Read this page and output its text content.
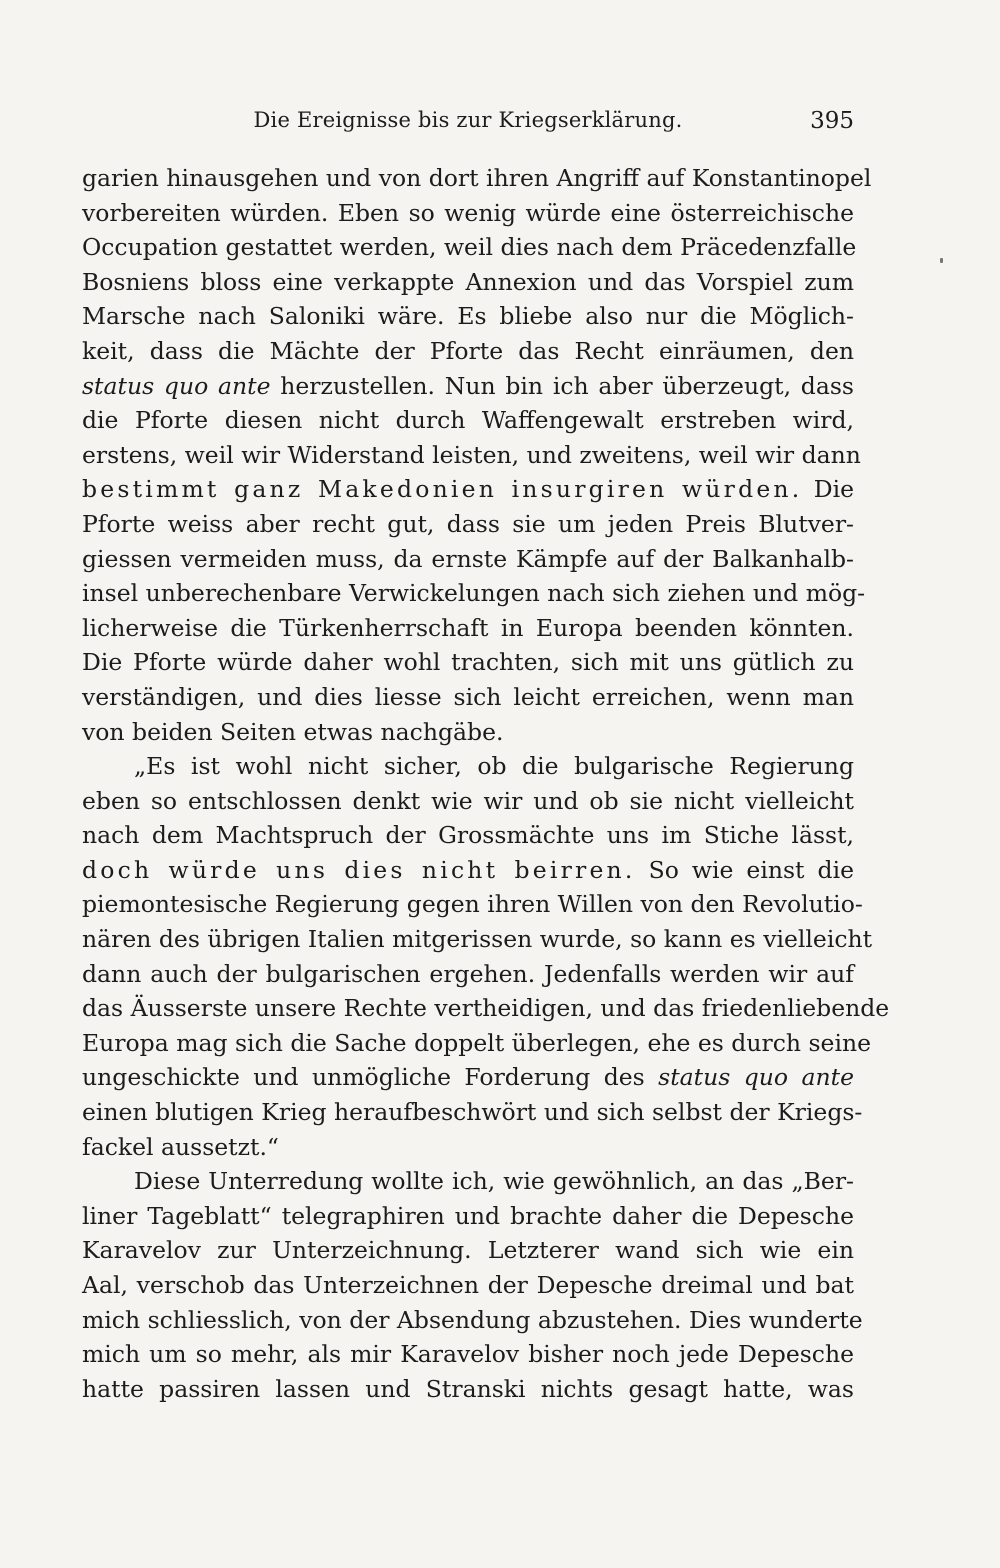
Die Ereignisse bis zur Kriegserklärung.	395
garien hinausgehen und von dort ihren Angriff auf Konstantinopel
vorbereiten würden. Eben so wenig würde eine österreichische
Occupation gestattet werden, weil dies nach dem Präcedenzfalle
Bosniens bloss eine verkappte Annexion und das Vorspiel zum
Marsche nach Saloniki wäre. Es bliebe also nur die Möglich-
keit, dass die Mächte der Pforte das Recht einräumen, den
status quo ante herzustellen. Nun bin ich aber überzeugt, dass
die Pforte diesen nicht durch Waffengewalt erstreben wird,
erstens, weil wir Widerstand leisten, und zweitens, weil wir dann
bestimmt ganz Makedonien insurgiren würden. Die
Pforte weiss aber recht gut, dass sie um jeden Preis Blutver-
giessen vermeiden muss, da ernste Kämpfe auf der Balkanhalb-
insel unberechenbare Verwickelungen nach sich ziehen und mög-
licherweise die Türkenherrschaft in Europa beenden könnten.
Die Pforte würde daher wohl trachten, sich mit uns gütlich zu
verständigen, und dies liesse sich leicht erreichen, wenn man
von beiden Seiten etwas nachgäbe.
„Es ist wohl nicht sicher, ob die bulgarische Regierung
eben so entschlossen denkt wie wir und ob sie nicht vielleicht
nach dem Machtspruch der Grossmächte uns im Stiche lässt,
doch würde uns dies nicht beirren. So wie einst die
piemontesische Regierung gegen ihren Willen von den Revolutio-
nären des übrigen Italien mitgerissen wurde, so kann es vielleicht
dann auch der bulgarischen ergehen. Jedenfalls werden wir auf
das Äusserste unsere Rechte vertheidigen, und das friedenliebende
Europa mag sich die Sache doppelt überlegen, ehe es durch seine
ungeschickte und unmögliche Forderung des status quo ante
einen blutigen Krieg heraufbeschwört und sich selbst der Kriegs-
fackel aussetzt.“
Diese Unterredung wollte ich, wie gewöhnlich, an das „Ber-
liner Tageblatt“ telegraphiren und brachte daher die Depesche
Karavelov zur Unterzeichnung. Letzterer wand sich wie ein
Aal, verschob das Unterzeichnen der Depesche dreimal und bat
mich schliesslich, von der Absendung abzustehen. Dies wunderte
mich um so mehr, als mir Karavelov bisher noch jede Depesche
hatte passiren lassen und Stranski nichts gesagt hatte, was
